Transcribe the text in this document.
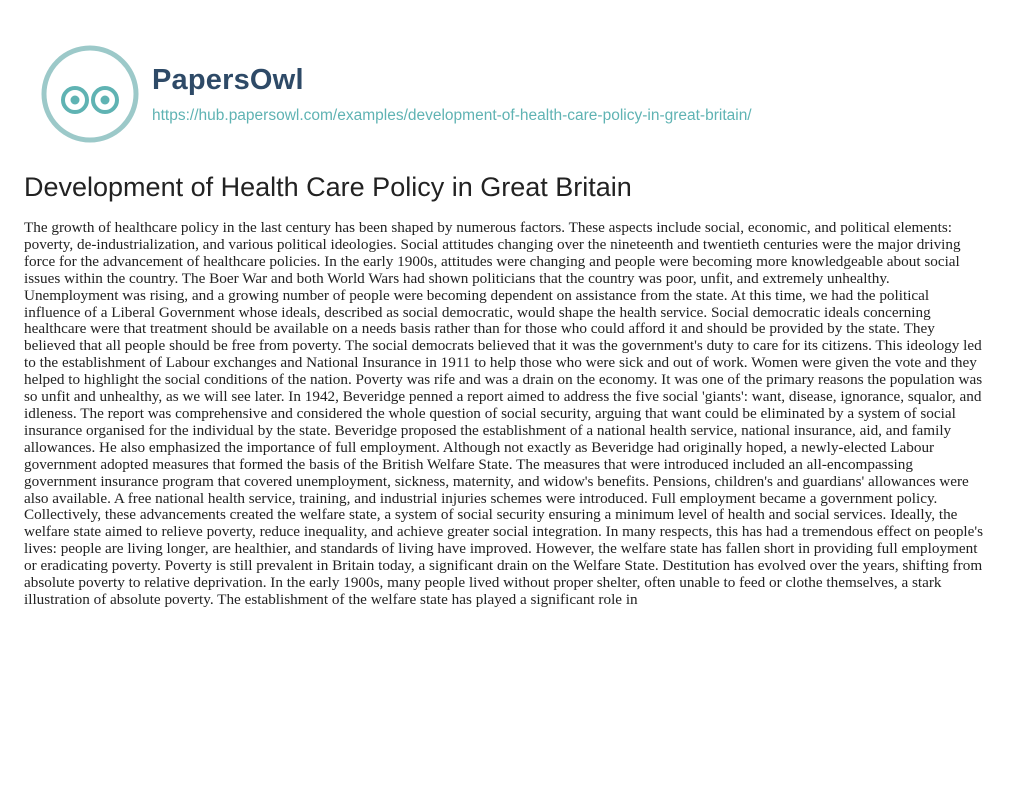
PapersOwl
https://hub.papersowl.com/examples/development-of-health-care-policy-in-great-britain/
Development of Health Care Policy in Great Britain

The growth of healthcare policy in the last century has been shaped by numerous factors. These aspects include social, economic, and political elements: poverty, de-industrialization, and various political ideologies. Social attitudes changing over the nineteenth and twentieth centuries were the major driving force for the advancement of healthcare policies. In the early 1900s, attitudes were changing and people were becoming more knowledgeable about social issues within the country. The Boer War and both World Wars had shown politicians that the country was poor, unfit, and extremely unhealthy. Unemployment was rising, and a growing number of people were becoming dependent on assistance from the state. At this time, we had the political influence of a Liberal Government whose ideals, described as social democratic, would shape the health service. Social democratic ideals concerning healthcare were that treatment should be available on a needs basis rather than for those who could afford it and should be provided by the state. They believed that all people should be free from poverty. The social democrats believed that it was the government's duty to care for its citizens. This ideology led to the establishment of Labour exchanges and National Insurance in 1911 to help those who were sick and out of work. Women were given the vote and they helped to highlight the social conditions of the nation. Poverty was rife and was a drain on the economy. It was one of the primary reasons the population was so unfit and unhealthy, as we will see later. In 1942, Beveridge penned a report aimed to address the five social 'giants': want, disease, ignorance, squalor, and idleness. The report was comprehensive and considered the whole question of social security, arguing that want could be eliminated by a system of social insurance organised for the individual by the state. Beveridge proposed the establishment of a national health service, national insurance, aid, and family allowances. He also emphasized the importance of full employment. Although not exactly as Beveridge had originally hoped, a newly-elected Labour government adopted measures that formed the basis of the British Welfare State. The measures that were introduced included an all-encompassing government insurance program that covered unemployment, sickness, maternity, and widow's benefits. Pensions, children's and guardians' allowances were also available. A free national health service, training, and industrial injuries schemes were introduced. Full employment became a government policy. Collectively, these advancements created the welfare state, a system of social security ensuring a minimum level of health and social services. Ideally, the welfare state aimed to relieve poverty, reduce inequality, and achieve greater social integration. In many respects, this has had a tremendous effect on people's lives: people are living longer, are healthier, and standards of living have improved. However, the welfare state has fallen short in providing full employment or eradicating poverty. Poverty is still prevalent in Britain today, a significant drain on the Welfare State. Destitution has evolved over the years, shifting from absolute poverty to relative deprivation. In the early 1900s, many people lived without proper shelter, often unable to feed or clothe themselves, a stark illustration of absolute poverty. The establishment of the welfare state has played a significant role in
